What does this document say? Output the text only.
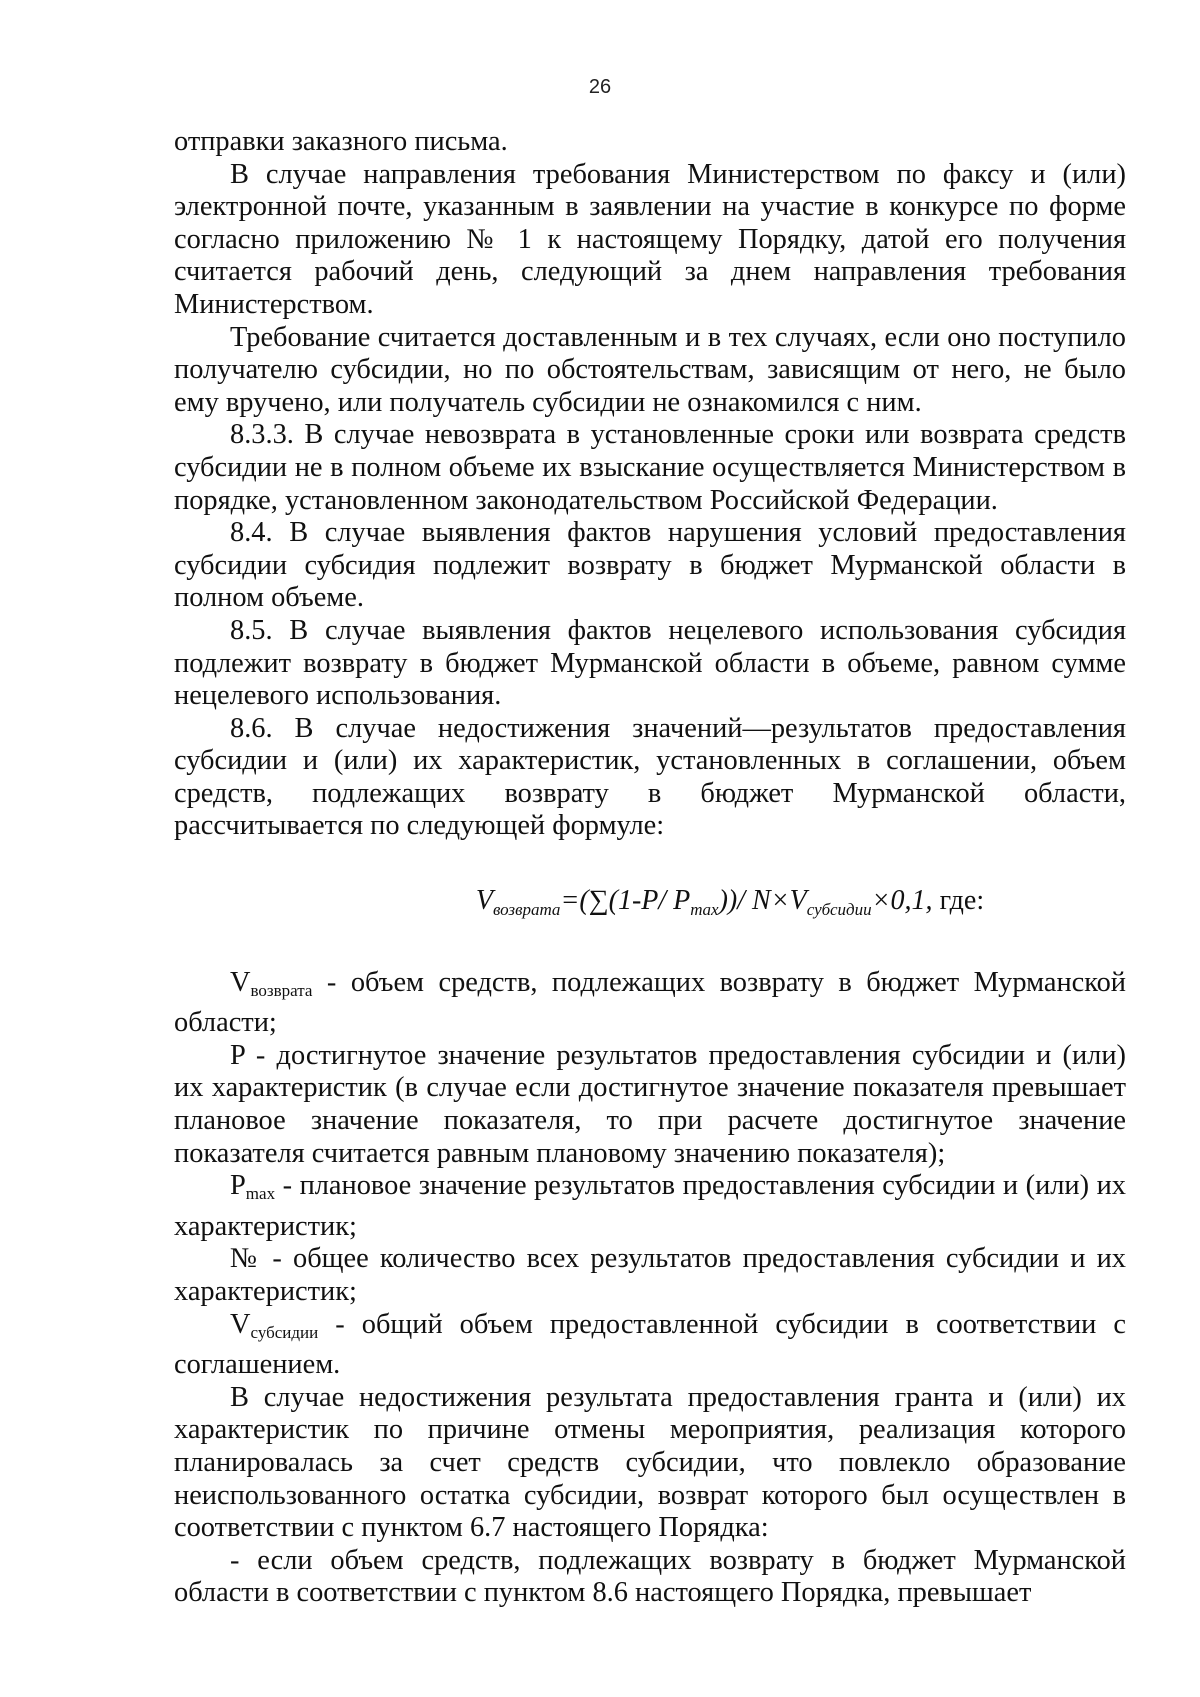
26

отправки заказного письма.

В случае направления требования Министерством по факсу и (или) электронной почте, указанным в заявлении на участие в конкурсе по форме согласно приложению № 1 к настоящему Порядку, датой его получения считается рабочий день, следующий за днем направления требования Министерством.

Требование считается доставленным и в тех случаях, если оно поступило получателю субсидии, но по обстоятельствам, зависящим от него, не было ему вручено, или получатель субсидии не ознакомился с ним.

8.3.3. В случае невозврата в установленные сроки или возврата средств субсидии не в полном объеме их взыскание осуществляется Министерством в порядке, установленном законодательством Российской Федерации.

8.4. В случае выявления фактов нарушения условий предоставления субсидии субсидия подлежит возврату в бюджет Мурманской области в полном объеме.

8.5. В случае выявления фактов нецелевого использования субсидия подлежит возврату в бюджет Мурманской области в объеме, равном сумме нецелевого использования.

8.6. В случае недостижения значений—результатов предоставления субсидии и (или) их характеристик, установленных в соглашении, объем средств, подлежащих возврату в бюджет Мурманской области, рассчитывается по следующей формуле:

$V_{возврата}=(\sum(1-P/$ $P_{max}))/$ $N\times V_{субсидии}\times 0,1$, где:

$V_{возврата}$ - объем средств, подлежащих возврату в бюджет Мурманской области;

P - достигнутое значение результатов предоставления субсидии и (или) их характеристик (в случае если достигнутое значение показателя превышает плановое значение показателя, то при расчете достигнутое значение показателя считается равным плановому значению показателя);

$P_{max}$ - плановое значение результатов предоставления субсидии и (или) их характеристик;

№ - общее количество всех результатов предоставления субсидии и их характеристик;

$V_{субсидии}$ - общий объем предоставленной субсидии в соответствии с соглашением.

В случае недостижения результата предоставления гранта и (или) их характеристик по причине отмены мероприятия, реализация которого планировалась за счет средств субсидии, что повлекло образование неиспользованного остатка субсидии, возврат которого был осуществлен в соответствии с пунктом 6.7 настоящего Порядка:

- если объем средств, подлежащих возврату в бюджет Мурманской области в соответствии с пунктом 8.6 настоящего Порядка, превышает
